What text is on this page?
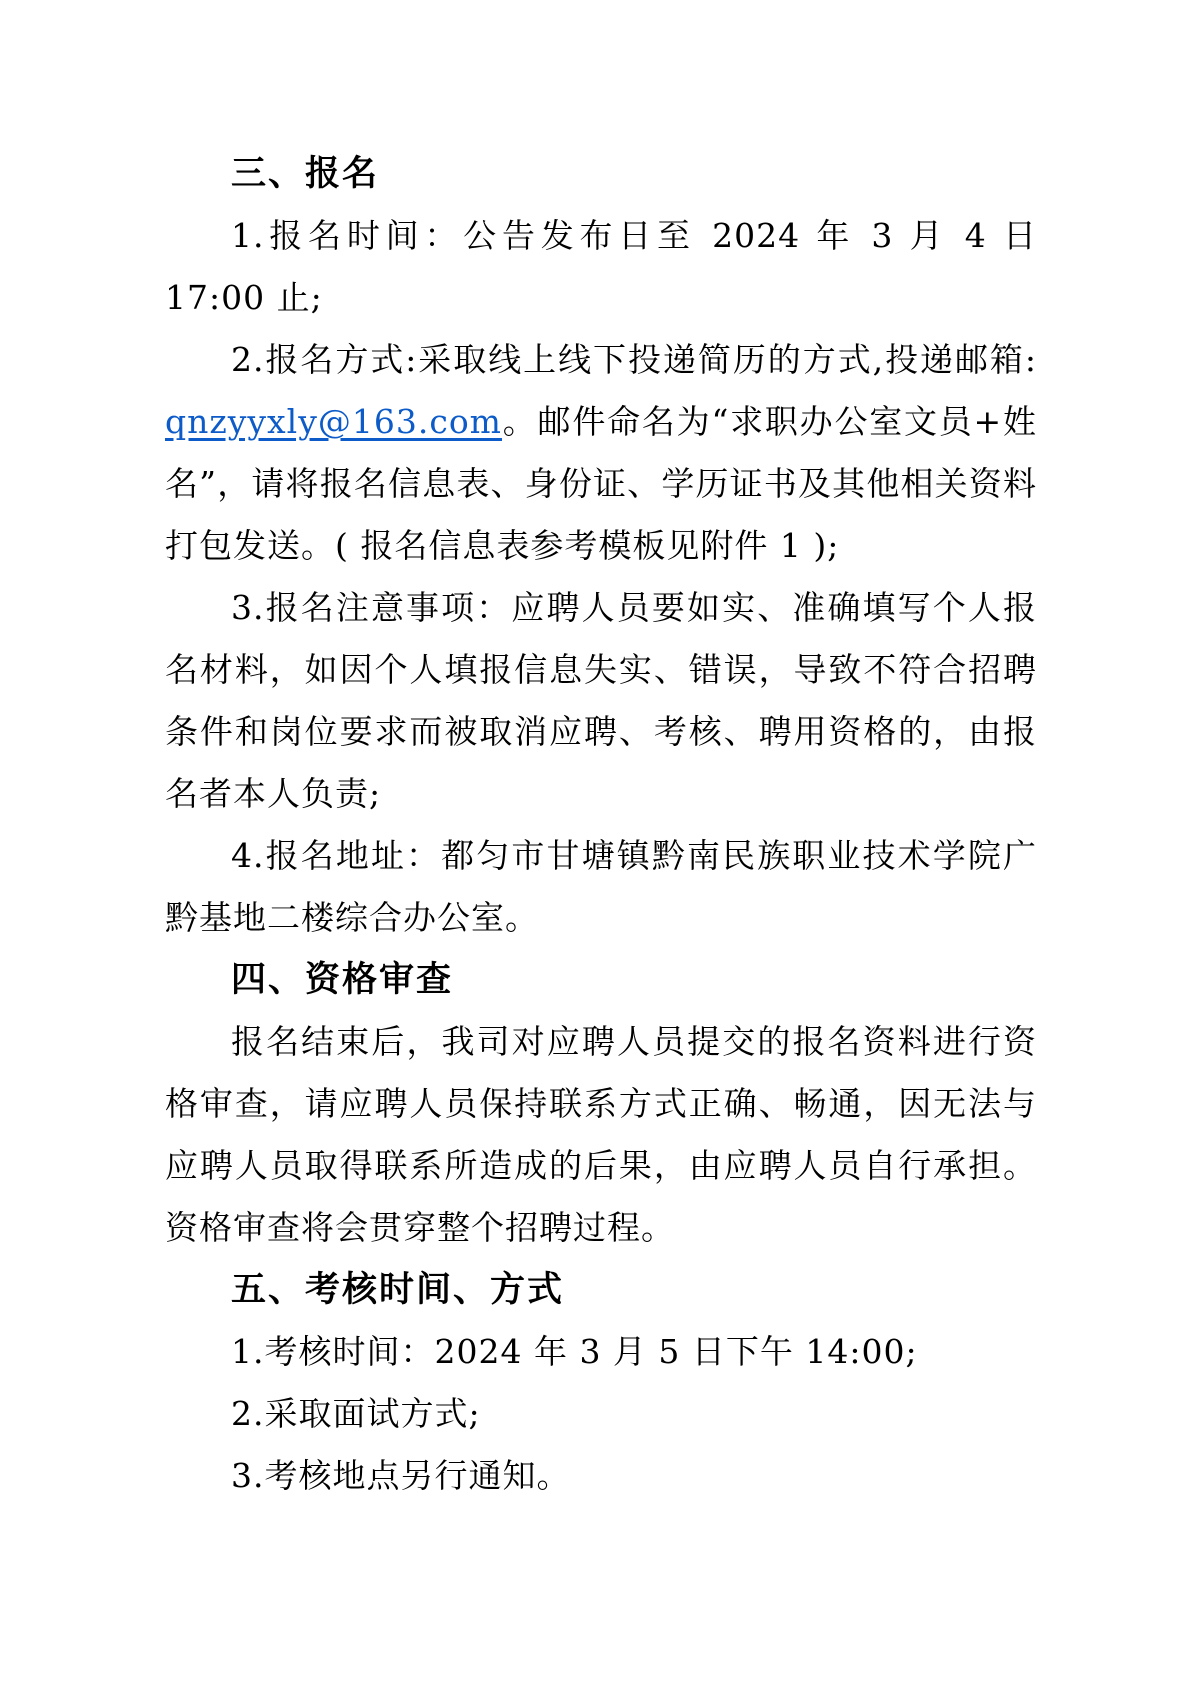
三、报名

1.报名时间：公告发布日至 2024 年 3 月 4 日 17:00 止;

2.报名方式:采取线上线下投递简历的方式,投递邮箱: qnzyyxly@163.com。邮件命名为“求职办公室文员+姓名”，请将报名信息表、身份证、学历证书及其他相关资料打包发送。( 报名信息表参考模板见附件 1 );

3.报名注意事项：应聘人员要如实、准确填写个人报名材料，如因个人填报信息失实、错误，导致不符合招聘条件和岗位要求而被取消应聘、考核、聘用资格的，由报名者本人负责;

4.报名地址：都匀市甘塘镇黔南民族职业技术学院广黔基地二楼综合办公室。

四、资格审查

报名结束后，我司对应聘人员提交的报名资料进行资格审查，请应聘人员保持联系方式正确、畅通，因无法与应聘人员取得联系所造成的后果，由应聘人员自行承担。资格审查将会贯穿整个招聘过程。

五、考核时间、方式

1.考核时间：2024 年 3 月 5 日下午 14:00;

2.采取面试方式;

3.考核地点另行通知。
